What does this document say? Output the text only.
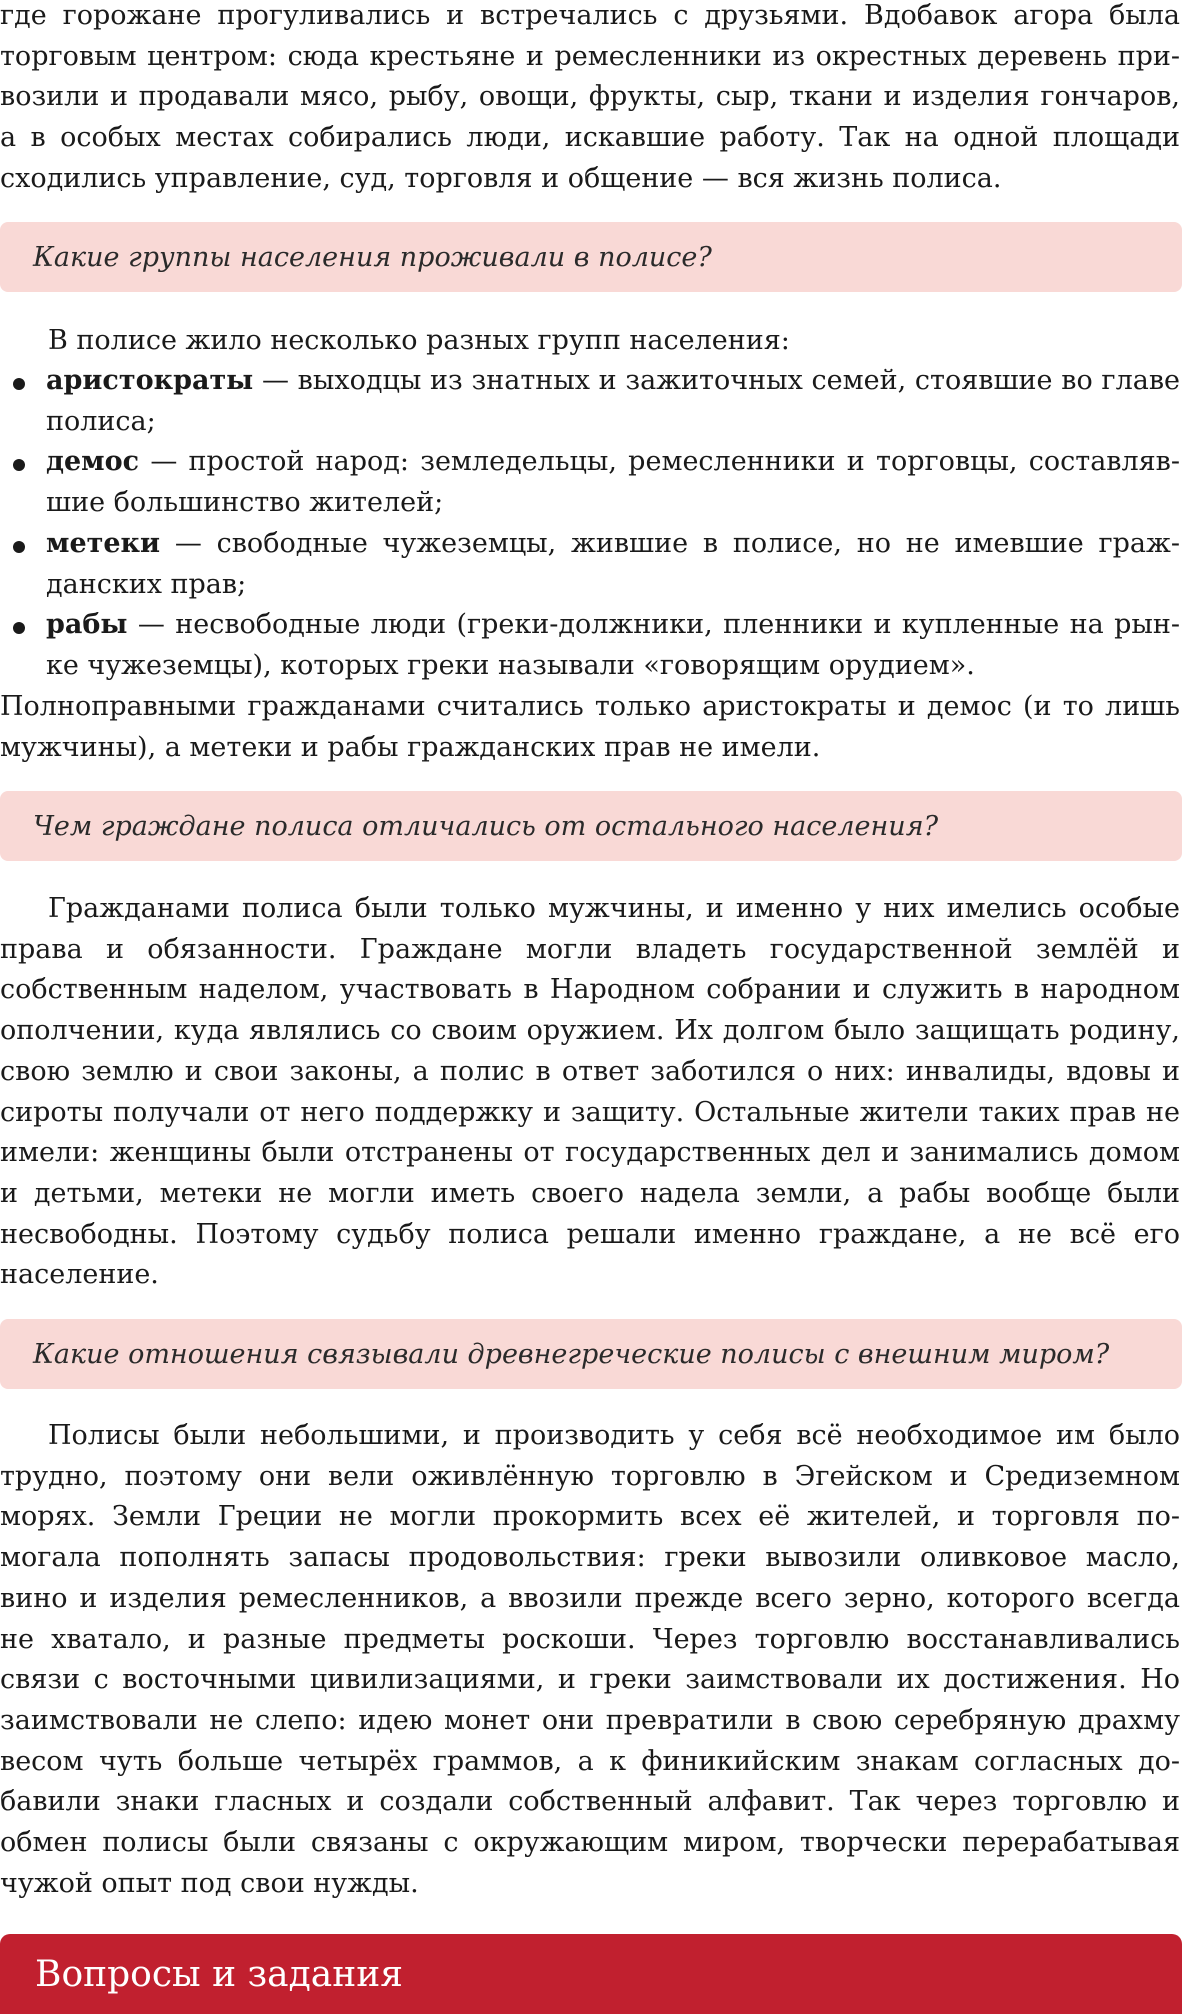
где горожане прогуливались и встречались с друзьями. Вдобавок агора была торговым центром: сюда крестьяне и ремесленники из окрестных деревень привозили и продавали мясо, рыбу, овощи, фрукты, сыр, ткани и изделия гончаров, а в особых местах собирались люди, искавшие работу. Так на одной площади сходились управление, суд, торговля и общение — вся жизнь полиса.

Какие группы населения проживали в полисе?

В полисе жило несколько разных групп населения:

аристократы — выходцы из знатных и зажиточных семей, стоявшие во главе полиса;
демос — простой народ: земледельцы, ремесленники и торговцы, составлявшие большинство жителей;
метеки — свободные чужеземцы, жившие в полисе, но не имевшие гражданских прав;
рабы — несвободные люди (греки-должники, пленники и купленные на рынке чужеземцы), которых греки называли «говорящим орудием».

Полноправными гражданами считались только аристократы и демос (и то лишь мужчины), а метеки и рабы гражданских прав не имели.

Чем граждане полиса отличались от остального населения?

Гражданами полиса были только мужчины, и именно у них имелись особые права и обязанности. Граждане могли владеть государственной землёй и собственным наделом, участвовать в Народном собрании и служить в народном ополчении, куда являлись со своим оружием. Их долгом было защищать родину, свою землю и свои законы, а полис в ответ заботился о них: инвалиды, вдовы и сироты получали от него поддержку и защиту. Остальные жители таких прав не имели: женщины были отстранены от государственных дел и занимались домом и детьми, метеки не могли иметь своего надела земли, а рабы вообще были несвободны. Поэтому судьбу полиса решали именно граждане, а не всё его население.

Какие отношения связывали древнегреческие полисы с внешним миром?

Полисы были небольшими, и производить у себя всё необходимое им было трудно, поэтому они вели оживлённую торговлю в Эгейском и Средиземном морях. Земли Греции не могли прокормить всех её жителей, и торговля помогала пополнять запасы продовольствия: греки вывозили оливковое масло, вино и изделия ремесленников, а ввозили прежде всего зерно, которого всегда не хватало, и разные предметы роскоши. Через торговлю восстанавливались связи с восточными цивилизациями, и греки заимствовали их достижения. Но заимствовали не слепо: идею монет они превратили в свою серебряную драхму весом чуть больше четырёх граммов, а к финикийским знакам согласных добавили знаки гласных и создали собственный алфавит. Так через торговлю и обмен полисы были связаны с окружающим миром, творчески перерабатывая чужой опыт под свои нужды.

Вопросы и задания
